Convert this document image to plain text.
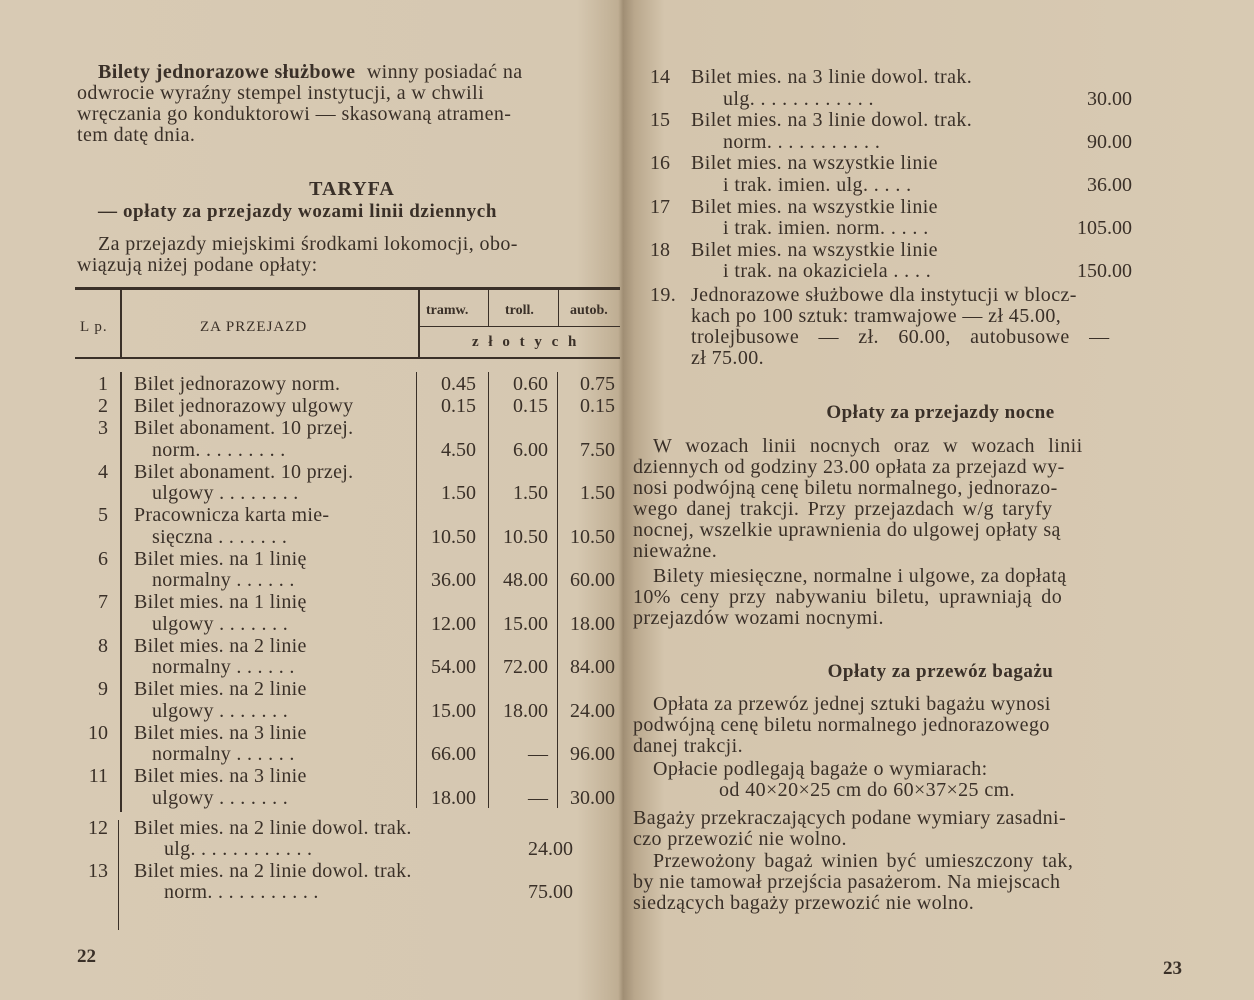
Bilety jednorazowe służbowe winny posiadać na
odwrocie wyraźny stempel instytucji, a w chwili
wręczania go konduktorowi — skasowaną atramen-
tem datę dnia.
TARYFA
— opłaty za przejazdy wozami linii dziennych
Za przejazdy miejskimi środkami lokomocji, obo-
wiązują niżej podane opłaty:
L p.	ZA PRZEJAZD
tramw.	troll.	autob.
z ł o t y c h
1 Bilet jednorazowy norm.	0.45	0.60	0.75
2 Bilet jednorazowy ulgowy	0.15	0.15	0.15
3 Bilet abonament. 10 przej.
norm. . . . . . . . .	4.50	6.00	7.50
4 Bilet abonament. 10 przej.
ulgowy . . . . . . . .	1.50	1.50	1.50
5 Pracownicza karta mie-
sięczna . . . . . . .	10.50	10.50	10.50
6 Bilet mies. na 1 linię
normalny . . . . . .	36.00	48.00	60.00
7 Bilet mies. na 1 linię
ulgowy . . . . . . .	12.00	15.00	18.00
8 Bilet mies. na 2 linie
normalny . . . . . .	54.00	72.00	84.00
9 Bilet mies. na 2 linie
ulgowy . . . . . . .	15.00	18.00	24.00
10 Bilet mies. na 3 linie
normalny . . . . . .	66.00	—	96.00
11 Bilet mies. na 3 linie
ulgowy . . . . . . .	18.00	—	30.00
12 Bilet mies. na 2 linie dowol. trak.
ulg. . . . . . . . . . . .	24.00
13 Bilet mies. na 2 linie dowol. trak.
norm. . . . . . . . . . .	75.00
22
14 Bilet mies. na 3 linie dowol. trak.
ulg. . . . . . . . . . . .	30.00
15 Bilet mies. na 3 linie dowol. trak.
norm. . . . . . . . . . .	90.00
16 Bilet mies. na wszystkie linie
i trak. imien. ulg. . . . .	36.00
17 Bilet mies. na wszystkie linie
i trak. imien. norm. . . . .	105.00
18 Bilet mies. na wszystkie linie
i trak. na okaziciela . . . .	150.00
19. Jednorazowe służbowe dla instytucji w blocz-
kach po 100 sztuk: tramwajowe — zł 45.00,
trolejbusowe — zł. 60.00, autobusowe —
zł 75.00.
Opłaty za przejazdy nocne
W wozach linii nocnych oraz w wozach linii
dziennych od godziny 23.00 opłata za przejazd wy-
nosi podwójną cenę biletu normalnego, jednorazo-
wego danej trakcji. Przy przejazdach w/g taryfy
nocnej, wszelkie uprawnienia do ulgowej opłaty są
nieważne.
Bilety miesięczne, normalne i ulgowe, za dopłatą
10% ceny przy nabywaniu biletu, uprawniają do
przejazdów wozami nocnymi.
Opłaty za przewóz bagażu
Opłata za przewóz jednej sztuki bagażu wynosi
podwójną cenę biletu normalnego jednorazowego
danej trakcji.
Opłacie podlegają bagaże o wymiarach:
od 40×20×25 cm do 60×37×25 cm.
Bagaży przekraczających podane wymiary zasadni-
czo przewozić nie wolno.
Przewożony bagaż winien być umieszczony tak,
by nie tamował przejścia pasażerom. Na miejscach
siedzących bagaży przewozić nie wolno.
23
